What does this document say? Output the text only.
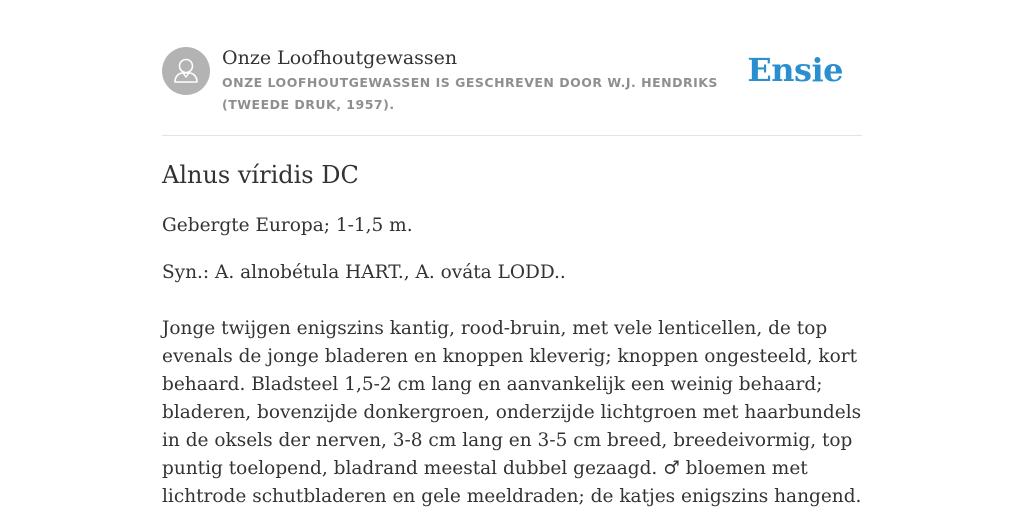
Onze Loofhoutgewassen
ONZE LOOFHOUTGEWASSEN IS GESCHREVEN DOOR W.J. HENDRIKS (TWEEDE DRUK, 1957).
Ensie
Alnus víridis DC

Gebergte Europa; 1-1,5 m.

Syn.: A. alnobétula HART., A. ováta LODD..

Jonge twijgen enigszins kantig, rood-bruin, met vele lenticellen, de top evenals de jonge bladeren en knoppen kleverig; knoppen ongesteeld, kort behaard. Bladsteel 1,5-2 cm lang en aanvankelijk een weinig behaard; bladeren, bovenzijde donkergroen, onderzijde lichtgroen met haarbundels in de oksels der nerven, 3-8 cm lang en 3-5 cm breed, breedeivormig, top puntig toelopend, bladrand meestal dubbel gezaagd. ♂ bloemen met lichtrode schutbladeren en gele meeldraden; de katjes enigszins hangend.
